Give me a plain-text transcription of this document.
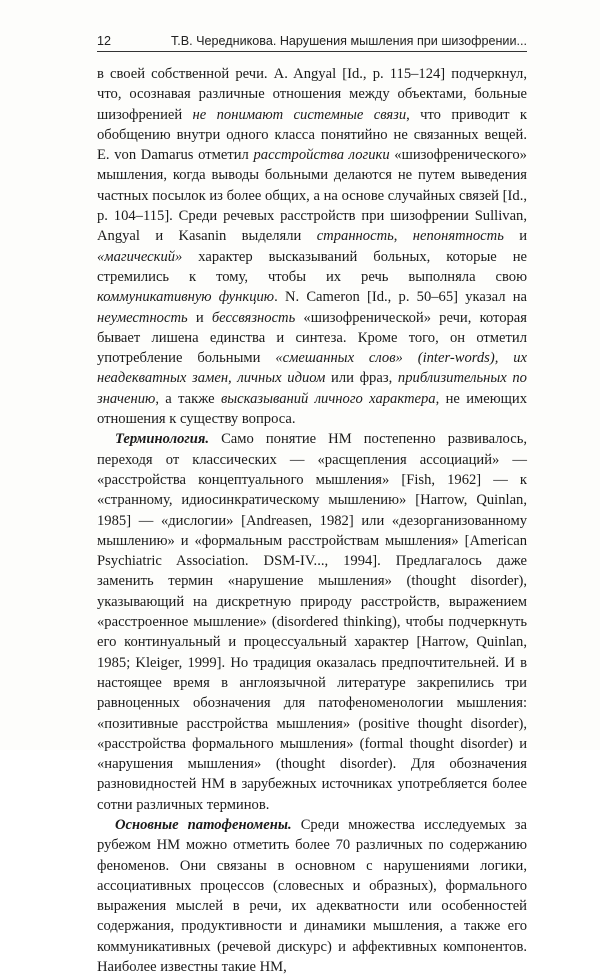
12	Т.В. Чередникова. Нарушения мышления при шизофрении...

в своей собственной речи. A. Angyal [Id., p. 115–124] подчеркнул, что, осознавая различные отношения между объектами, больные шизофренией не понимают системные связи, что приводит к обобщению внутри одного класса понятийно не связанных вещей. E. von Damarus отметил расстройства логики «шизофренического» мышления, когда выводы больными делаются не путем выведения частных посылок из более общих, а на основе случайных связей [Id., p. 104–115]. Среди речевых расстройств при шизофрении Sullivan, Angyal и Kasanin выделяли странность, непонятность и «магический» характер высказываний больных, которые не стремились к тому, чтобы их речь выполняла свою коммуникативную функцию. N. Cameron [Id., p. 50–65] указал на неуместность и бессвязность «шизофренической» речи, которая бывает лишена единства и синтеза. Кроме того, он отметил употребление больными «смешанных слов» (inter-words), их неадекватных замен, личных идиом или фраз, приблизительных по значению, а также высказываний личного характера, не имеющих отношения к существу вопроса.

Терминология. Само понятие НМ постепенно развивалось, переходя от классических — «расщепления ассоциаций» — «расстройства концептуального мышления» [Fish, 1962] — к «странному, идиосинкратическому мышлению» [Harrow, Quinlan, 1985] — «дислогии» [Andreasen, 1982] или «дезорганизованному мышлению» и «формальным расстройствам мышления» [American Psychiatric Association. DSM-IV..., 1994]. Предлагалось даже заменить термин «нарушение мышления» (thought disorder), указывающий на дискретную природу расстройств, выражением «расстроенное мышление» (disordered thinking), чтобы подчеркнуть его континуальный и процессуальный характер [Harrow, Quinlan, 1985; Kleiger, 1999]. Но традиция оказалась предпочтительней. И в настоящее время в англоязычной литературе закрепились три равноценных обозначения для патофеноменологии мышления: «позитивные расстройства мышления» (positive thought disorder), «расстройства формального мышления» (formal thought disorder) и «нарушения мышления» (thought disorder). Для обозначения разновидностей НМ в зарубежных источниках употребляется более сотни различных терминов.

Основные патофеномены. Среди множества исследуемых за рубежом НМ можно отметить более 70 различных по содержанию феноменов. Они связаны в основном с нарушениями логики, ассоциативных процессов (словесных и образных), формального выражения мыслей в речи, их адекватности или особенностей содержания, продуктивности и динамики мышления, а также его коммуникативных (речевой дискурс) и аффективных компонентов. Наиболее известны такие НМ,
